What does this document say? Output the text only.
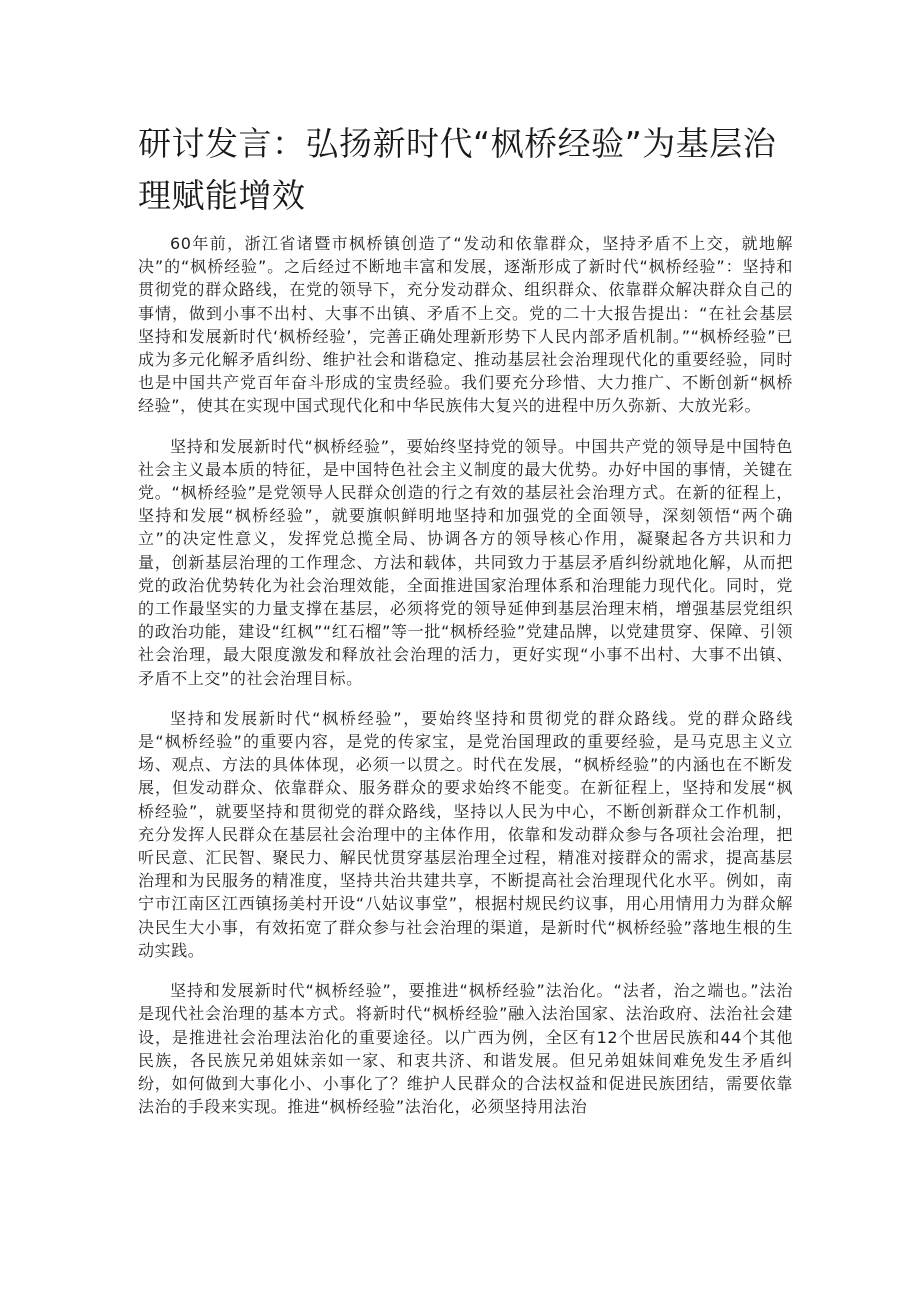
研讨发言：弘扬新时代“枫桥经验”为基层治理赋能增效

60年前，浙江省诸暨市枫桥镇创造了“发动和依靠群众，坚持矛盾不上交，就地解决”的“枫桥经验”。之后经过不断地丰富和发展，逐渐形成了新时代“枫桥经验”：坚持和贯彻党的群众路线，在党的领导下，充分发动群众、组织群众、依靠群众解决群众自己的事情，做到小事不出村、大事不出镇、矛盾不上交。党的二十大报告提出：“在社会基层坚持和发展新时代‘枫桥经验’，完善正确处理新形势下人民内部矛盾机制。”“枫桥经验”已成为多元化解矛盾纠纷、维护社会和谐稳定、推动基层社会治理现代化的重要经验，同时也是中国共产党百年奋斗形成的宝贵经验。我们要充分珍惜、大力推广、不断创新“枫桥经验”，使其在实现中国式现代化和中华民族伟大复兴的进程中历久弥新、大放光彩。

坚持和发展新时代“枫桥经验”，要始终坚持党的领导。中国共产党的领导是中国特色社会主义最本质的特征，是中国特色社会主义制度的最大优势。办好中国的事情，关键在党。“枫桥经验”是党领导人民群众创造的行之有效的基层社会治理方式。在新的征程上，坚持和发展“枫桥经验”，就要旗帜鲜明地坚持和加强党的全面领导，深刻领悟“两个确立”的决定性意义，发挥党总揽全局、协调各方的领导核心作用，凝聚起各方共识和力量，创新基层治理的工作理念、方法和载体，共同致力于基层矛盾纠纷就地化解，从而把党的政治优势转化为社会治理效能，全面推进国家治理体系和治理能力现代化。同时，党的工作最坚实的力量支撑在基层，必须将党的领导延伸到基层治理末梢，增强基层党组织的政治功能，建设“红枫”“红石榴”等一批“枫桥经验”党建品牌，以党建贯穿、保障、引领社会治理，最大限度激发和释放社会治理的活力，更好实现“小事不出村、大事不出镇、矛盾不上交”的社会治理目标。

坚持和发展新时代“枫桥经验”，要始终坚持和贯彻党的群众路线。党的群众路线是“枫桥经验”的重要内容，是党的传家宝，是党治国理政的重要经验，是马克思主义立场、观点、方法的具体体现，必须一以贯之。时代在发展，“枫桥经验”的内涵也在不断发展，但发动群众、依靠群众、服务群众的要求始终不能变。在新征程上，坚持和发展“枫桥经验”，就要坚持和贯彻党的群众路线，坚持以人民为中心，不断创新群众工作机制，充分发挥人民群众在基层社会治理中的主体作用，依靠和发动群众参与各项社会治理，把听民意、汇民智、聚民力、解民忧贯穿基层治理全过程，精准对接群众的需求，提高基层治理和为民服务的精准度，坚持共治共建共享，不断提高社会治理现代化水平。例如，南宁市江南区江西镇扬美村开设“八姑议事堂”，根据村规民约议事，用心用情用力为群众解决民生大小事，有效拓宽了群众参与社会治理的渠道，是新时代“枫桥经验”落地生根的生动实践。

坚持和发展新时代“枫桥经验”，要推进“枫桥经验”法治化。“法者，治之端也。”法治是现代社会治理的基本方式。将新时代“枫桥经验”融入法治国家、法治政府、法治社会建设，是推进社会治理法治化的重要途径。以广西为例，全区有12个世居民族和44个其他民族，各民族兄弟姐妹亲如一家、和衷共济、和谐发展。但兄弟姐妹间难免发生矛盾纠纷，如何做到大事化小、小事化了？维护人民群众的合法权益和促进民族团结，需要依靠法治的手段来实现。推进“枫桥经验”法治化，必须坚持用法治
